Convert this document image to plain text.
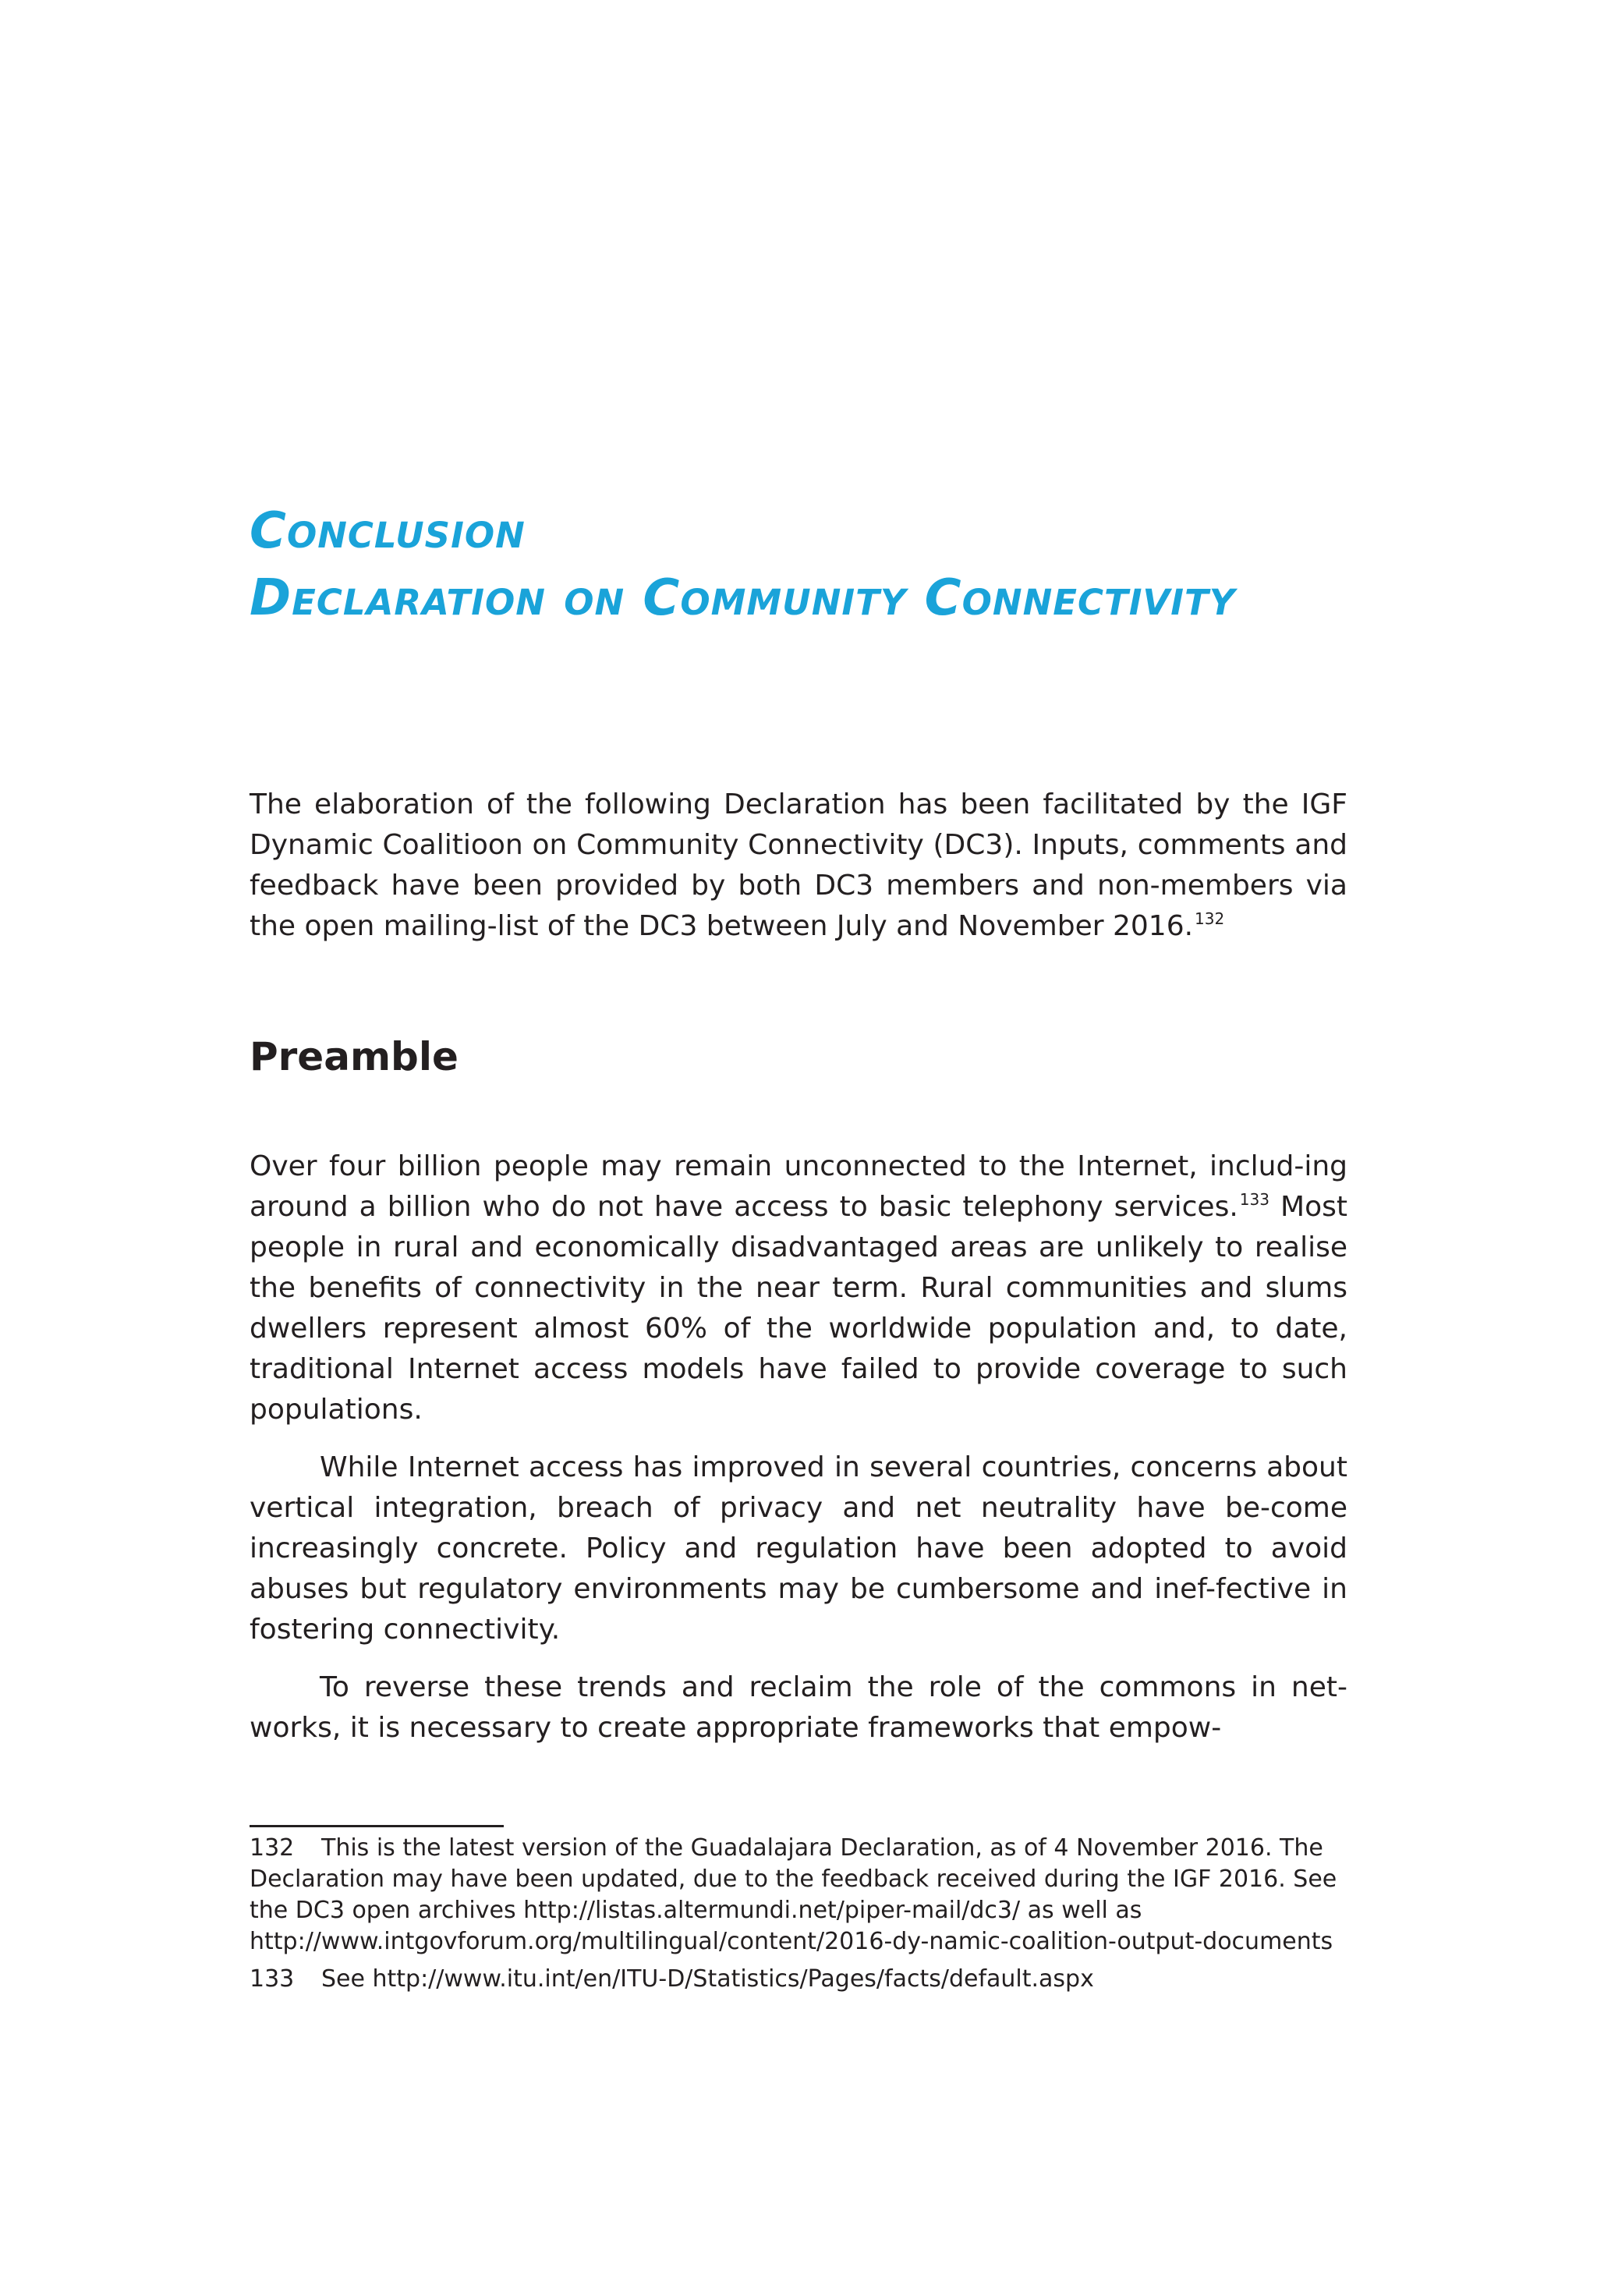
Conclusion
Declaration on Community Connectivity

The elaboration of the following Declaration has been facilitated by the IGF Dynamic Coalitioon on Community Connectivity (DC3). Inputs, comments and feedback have been provided by both DC3 members and non-members via the open mailing-list of the DC3 between July and November 2016. $^{132}$

Preamble

Over four billion people may remain unconnected to the Internet, includ-ing around a billion who do not have access to basic telephony services. $^{133}$ Most people in rural and economically disadvantaged areas are unlikely to realise the benefits of connectivity in the near term. Rural communities and slums dwellers represent almost 60% of the worldwide population and, to date, traditional Internet access models have failed to provide coverage to such populations.

While Internet access has improved in several countries, concerns about vertical integration, breach of privacy and net neutrality have be-come increasingly concrete. Policy and regulation have been adopted to avoid abuses but regulatory environments may be cumbersome and inef-fective in fostering connectivity.

To reverse these trends and reclaim the role of the commons in net-works, it is necessary to create appropriate frameworks that empow-

132 This is the latest version of the Guadalajara Declaration, as of 4 November 2016. The Declaration may have been updated, due to the feedback received during the IGF 2016. See the DC3 open archives http://listas.altermundi.net/piper-mail/dc3/ as well as http://www.intgovforum.org/multilingual/content/2016-dy-namic-coalition-output-documents
133 See http://www.itu.int/en/ITU-D/Statistics/Pages/facts/default.aspx
